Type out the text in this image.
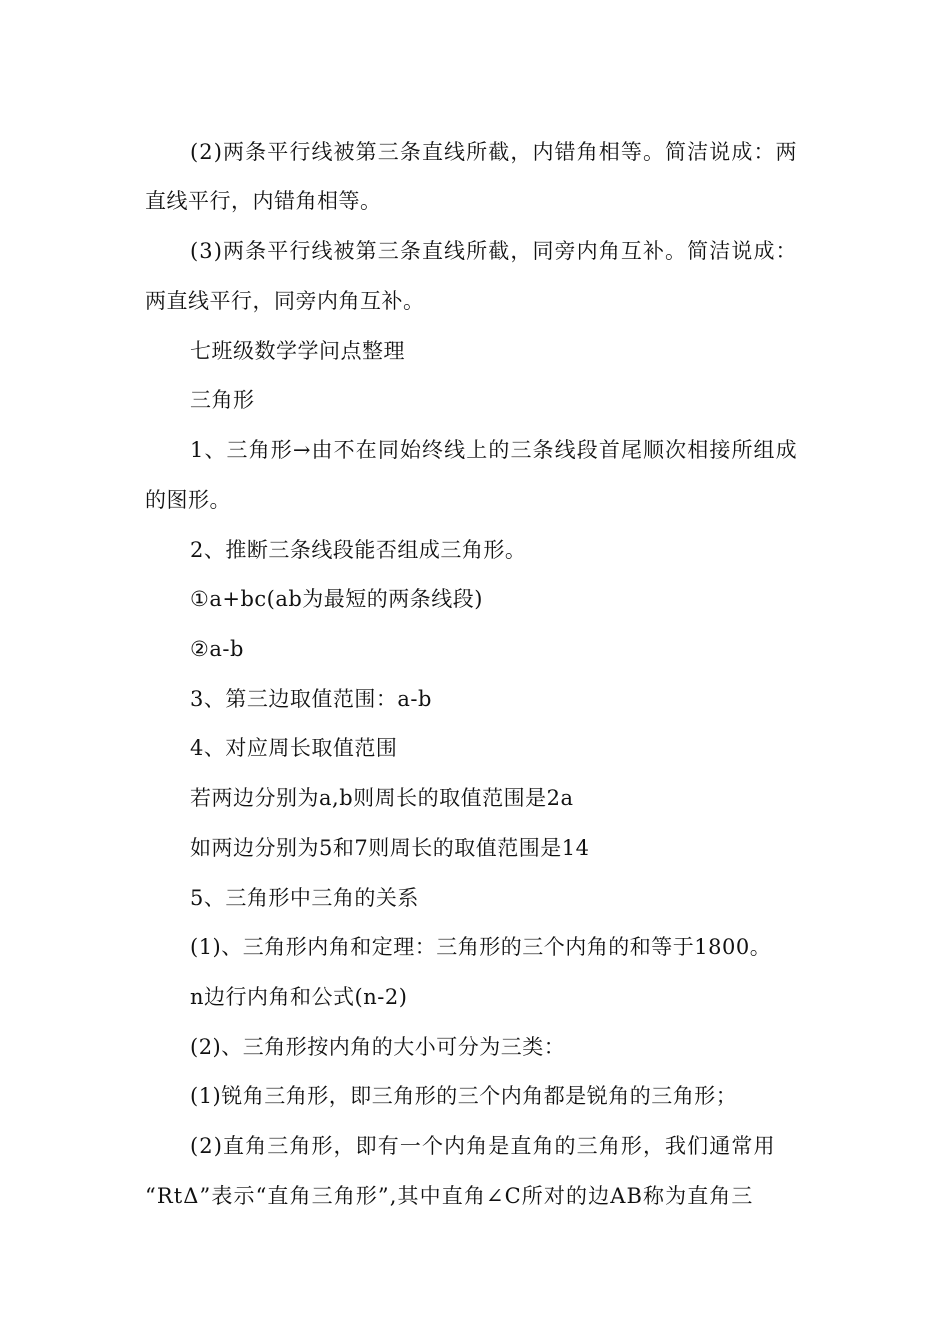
(2)两条平行线被第三条直线所截，内错角相等。简洁说成：两
直线平行，内错角相等。
(3)两条平行线被第三条直线所截，同旁内角互补。简洁说成：
两直线平行，同旁内角互补。
七班级数学学问点整理
三角形
1、三角形→由不在同始终线上的三条线段首尾顺次相接所组成
的图形。
2、推断三条线段能否组成三角形。
①a+bc(ab为最短的两条线段)
②a-b
3、第三边取值范围：a-b
4、对应周长取值范围
若两边分别为a,b则周长的取值范围是2a
如两边分别为5和7则周长的取值范围是14
5、三角形中三角的关系
(1)、三角形内角和定理：三角形的三个内角的和等于1800。
n边行内角和公式(n-2)
(2)、三角形按内角的大小可分为三类：
(1)锐角三角形，即三角形的三个内角都是锐角的三角形；
(2)直角三角形，即有一个内角是直角的三角形，我们通常用
“RtΔ”表示“直角三角形”,其中直角∠C所对的边AB称为直角三
